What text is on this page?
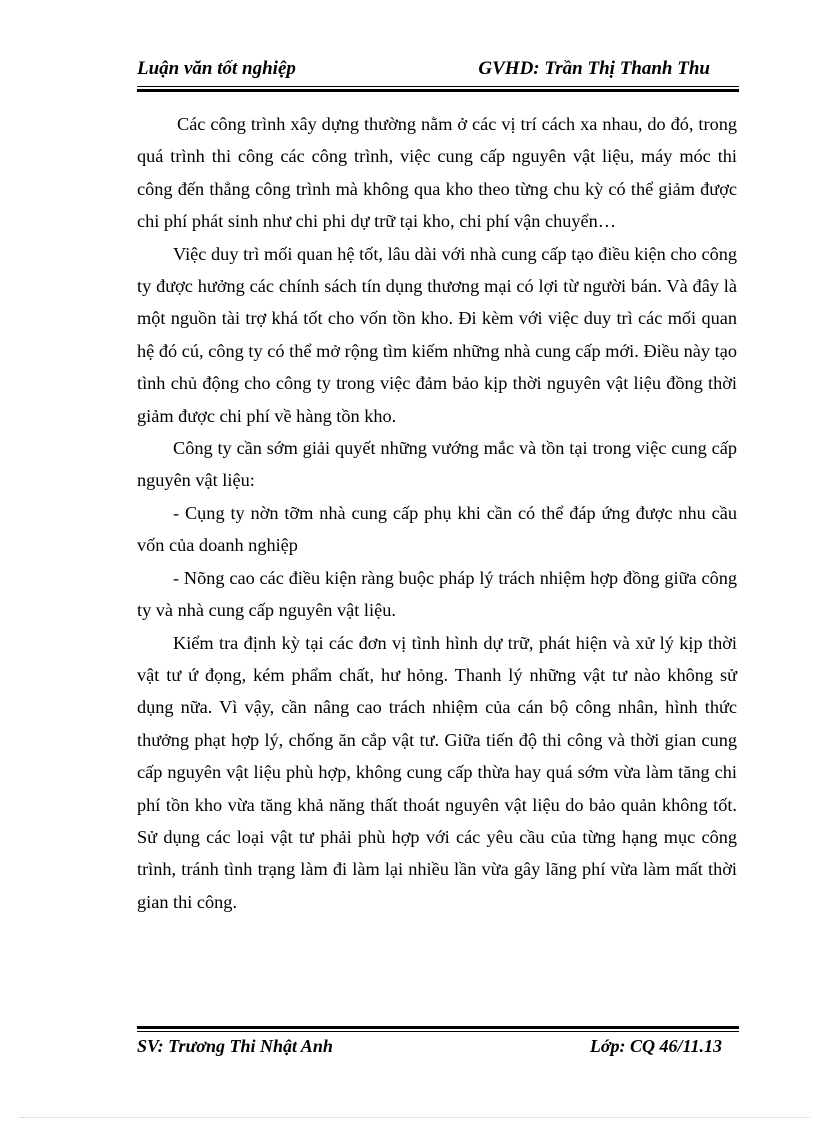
Luận văn tốt nghiệp	GVHD: Trần Thị Thanh Thu

Các công trình xây dựng thường nằm ở các vị trí cách xa nhau, do đó, trong quá trình thi công các công trình, việc cung cấp nguyên vật liệu, máy móc thi công đến thẳng công trình mà không qua kho theo từng chu kỳ có thể giảm được chi phí phát sinh như chi phi dự trữ tại kho, chi phí vận chuyển…

Việc duy trì mối quan hệ tốt, lâu dài với nhà cung cấp tạo điều kiện cho công ty được hưởng các chính sách tín dụng thương mại có lợi từ người bán. Và đây là một nguồn tài trợ khá tốt cho vốn tồn kho. Đi kèm với việc duy trì các mối quan hệ đó cú, công ty có thể mở rộng tìm kiếm những nhà cung cấp mới. Điều này tạo tình chủ động cho công ty trong việc đảm bảo kịp thời nguyên vật liệu đồng thời giảm được chi phí về hàng tồn kho.

Công ty cần sớm giải quyết những vướng mắc và tồn tại trong việc cung cấp nguyên vật liệu:

- Cụng ty nờn tỡm nhà cung cấp phụ khi cần có thể đáp ứng được nhu cầu vốn của doanh nghiệp

- Nõng cao các điều kiện ràng buộc pháp lý trách nhiệm hợp đồng giữa công ty và nhà cung cấp nguyên vật liệu.

Kiểm tra định kỳ tại các đơn vị tình hình dự trữ, phát hiện và xử lý kịp thời vật tư ứ đọng, kém phẩm chất, hư hỏng. Thanh lý những vật tư nào không sử dụng nữa. Vì vậy, cần nâng cao trách nhiệm của cán bộ công nhân, hình thức thưởng phạt hợp lý, chống ăn cắp vật tư. Giữa tiến độ thi công và thời gian cung cấp nguyên vật liệu phù hợp, không cung cấp thừa hay quá sớm vừa làm tăng chi phí tồn kho vừa tăng khả năng thất thoát nguyên vật liệu do bảo quản không tốt. Sử dụng các loại vật tư phải phù hợp với các yêu cầu của từng hạng mục công trình, tránh tình trạng làm đi làm lại nhiều lần vừa gây lãng phí vừa làm mất thời gian thi công.

SV: Trương Thi Nhật Anh	Lớp: CQ 46/11.13
